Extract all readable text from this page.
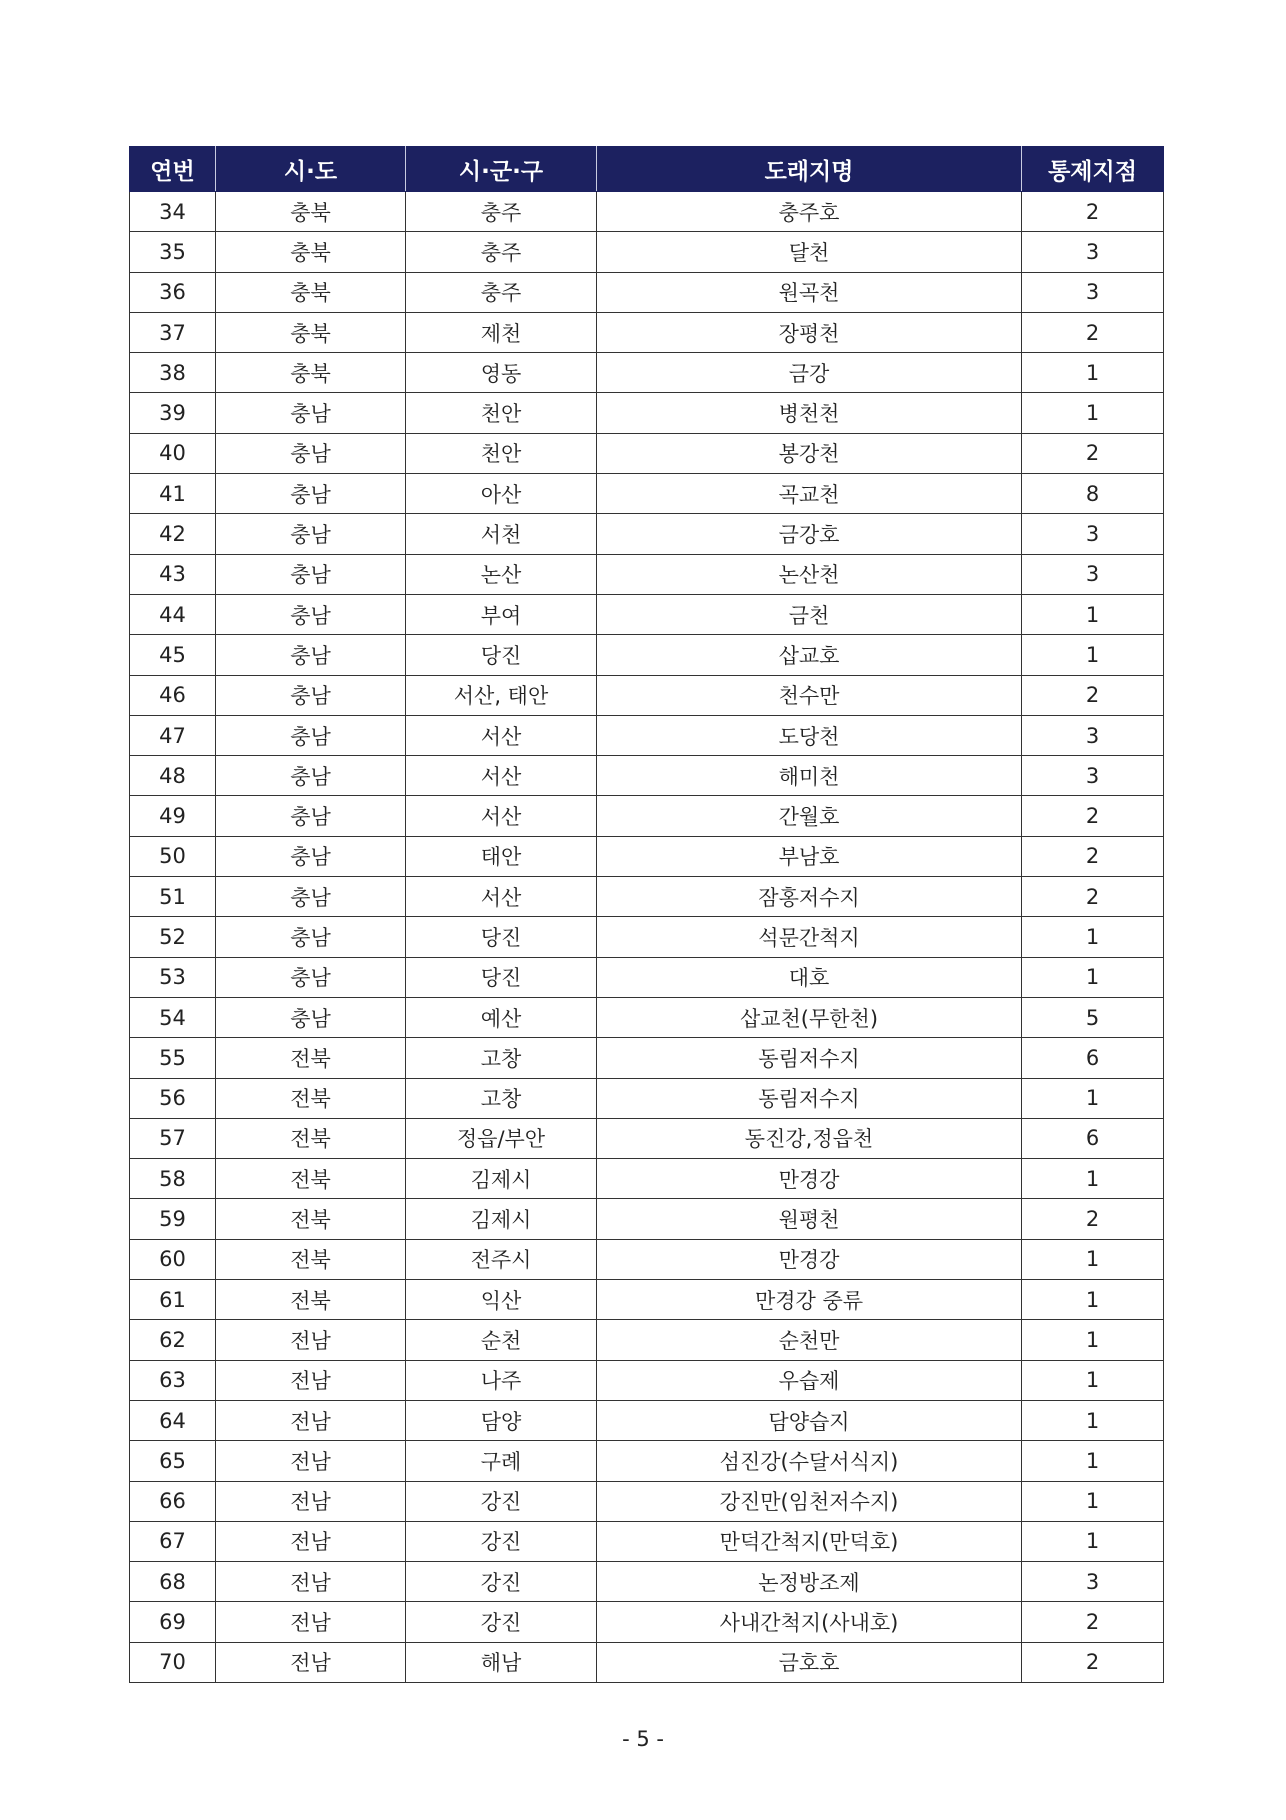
연번	시·도	시·군·구	도래지명	통제지점
34	충북	충주	충주호	2
35	충북	충주	달천	3
36	충북	충주	원곡천	3
37	충북	제천	장평천	2
38	충북	영동	금강	1
39	충남	천안	병천천	1
40	충남	천안	봉강천	2
41	충남	아산	곡교천	8
42	충남	서천	금강호	3
43	충남	논산	논산천	3
44	충남	부여	금천	1
45	충남	당진	삽교호	1
46	충남	서산, 태안	천수만	2
47	충남	서산	도당천	3
48	충남	서산	해미천	3
49	충남	서산	간월호	2
50	충남	태안	부남호	2
51	충남	서산	잠홍저수지	2
52	충남	당진	석문간척지	1
53	충남	당진	대호	1
54	충남	예산	삽교천(무한천)	5
55	전북	고창	동림저수지	6
56	전북	고창	동림저수지	1
57	전북	정읍/부안	동진강,정읍천	6
58	전북	김제시	만경강	1
59	전북	김제시	원평천	2
60	전북	전주시	만경강	1
61	전북	익산	만경강 중류	1
62	전남	순천	순천만	1
63	전남	나주	우습제	1
64	전남	담양	담양습지	1
65	전남	구례	섬진강(수달서식지)	1
66	전남	강진	강진만(임천저수지)	1
67	전남	강진	만덕간척지(만덕호)	1
68	전남	강진	논정방조제	3
69	전남	강진	사내간척지(사내호)	2
70	전남	해남	금호호	2
- 5 -
